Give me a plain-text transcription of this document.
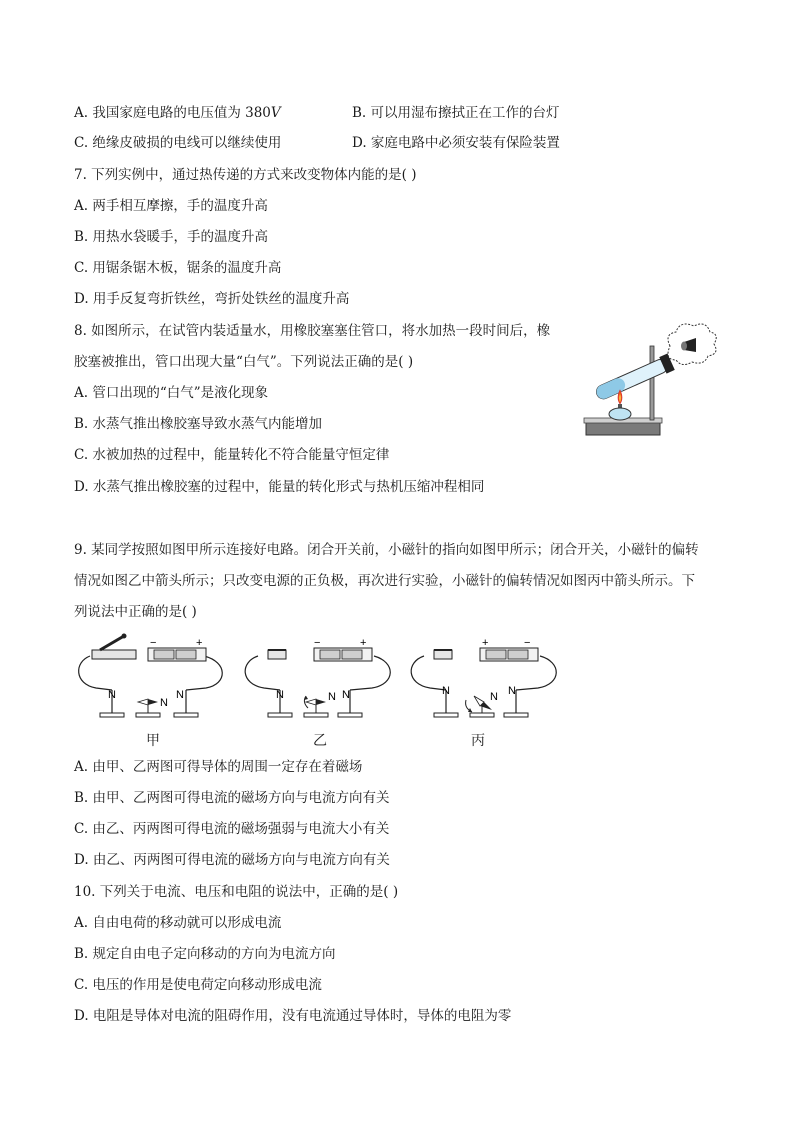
A. 我国家庭电路的电压值为 380V	B. 可以用湿布擦拭正在工作的台灯
C. 绝缘皮破损的电线可以继续使用	D. 家庭电路中必须安装有保险装置
7. 下列实例中，通过热传递的方式来改变物体内能的是( )
A. 两手相互摩擦，手的温度升高
B. 用热水袋暖手，手的温度升高
C. 用锯条锯木板，锯条的温度升高
D. 用手反复弯折铁丝，弯折处铁丝的温度升高
8. 如图所示，在试管内装适量水，用橡胶塞塞住管口，将水加热一段时间后，橡
胶塞被推出，管口出现大量“白气”。下列说法正确的是( )
A. 管口出现的“白气”是液化现象
B. 水蒸气推出橡胶塞导致水蒸气内能增加
C. 水被加热的过程中，能量转化不符合能量守恒定律
D. 水蒸气推出橡胶塞的过程中，能量的转化形式与热机压缩冲程相同
9. 某同学按照如图甲所示连接好电路。闭合开关前，小磁针的指向如图甲所示；闭合开关，小磁针的偏转
情况如图乙中箭头所示；只改变电源的正负极，再次进行实验，小磁针的偏转情况如图丙中箭头所示。下
列说法中正确的是( )
N
N	N
−	+
N
N	N
−	+
N
N	N
+	−
甲	乙	丙
A. 由甲、乙两图可得导体的周围一定存在着磁场
B. 由甲、乙两图可得电流的磁场方向与电流方向有关
C. 由乙、丙两图可得电流的磁场强弱与电流大小有关
D. 由乙、丙两图可得电流的磁场方向与电流方向有关
10. 下列关于电流、电压和电阻的说法中，正确的是( )
A. 自由电荷的移动就可以形成电流
B. 规定自由电子定向移动的方向为电流方向
C. 电压的作用是使电荷定向移动形成电流
D. 电阻是导体对电流的阻碍作用，没有电流通过导体时，导体的电阻为零
